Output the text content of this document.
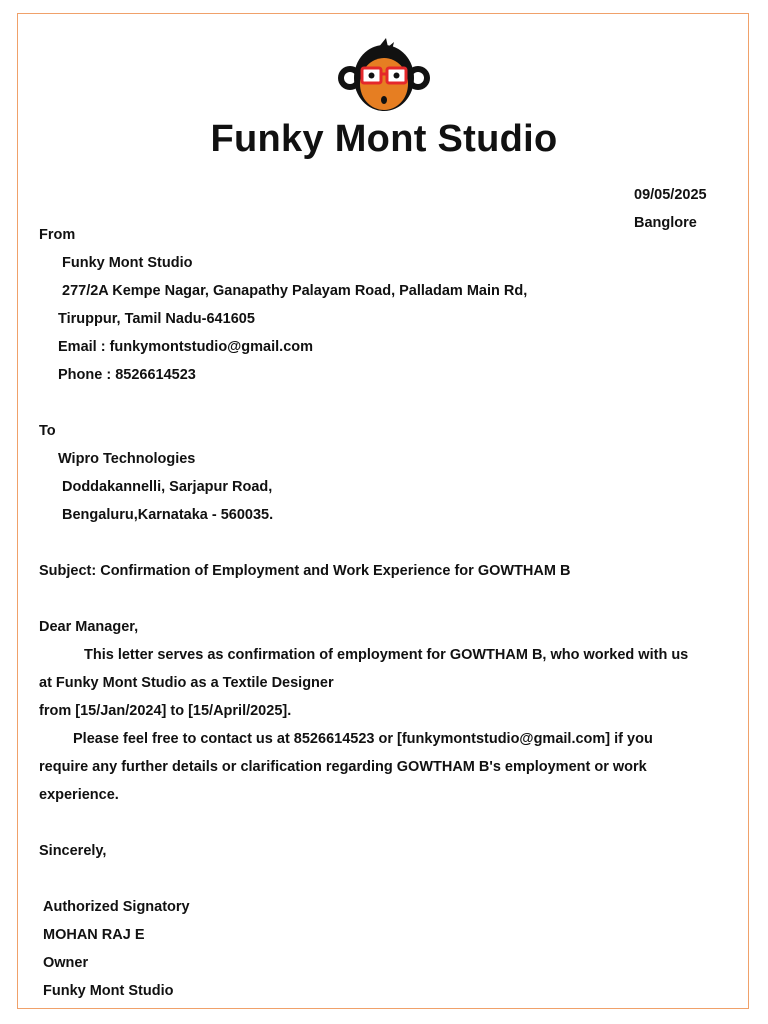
Funky Mont Studio
09/05/2025
Banglore
From
Funky Mont Studio
277/2A Kempe Nagar, Ganapathy Palayam Road, Palladam Main Rd,
Tiruppur, Tamil Nadu-641605
Email : funkymontstudio@gmail.com
Phone : 8526614523
To
Wipro Technologies
Doddakannelli, Sarjapur Road,
Bengaluru,Karnataka - 560035.
Subject: Confirmation of Employment and Work Experience for GOWTHAM B
Dear Manager,
This letter serves as confirmation of employment for GOWTHAM B, who worked with us
at Funky Mont Studio as a Textile Designer
from [15/Jan/2024] to [15/April/2025].
Please feel free to contact us at 8526614523 or [funkymontstudio@gmail.com] if you
require any further details or clarification regarding GOWTHAM B's employment or work
experience.
Sincerely,
Authorized Signatory
MOHAN RAJ E
Owner
Funky Mont Studio
